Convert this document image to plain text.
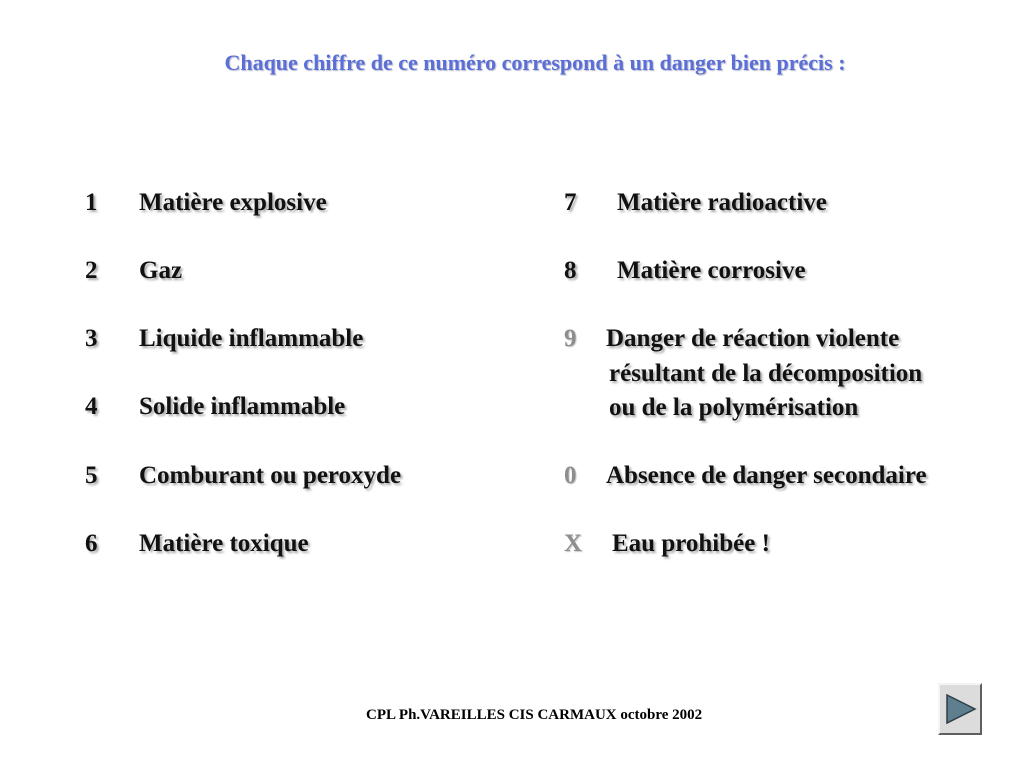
Chaque chiffre de ce numéro correspond à un danger bien précis :
1 Matière explosive
2 Gaz
3 Liquide inflammable
4 Solide inflammable
5 Comburant ou peroxyde
6 Matière toxique
7 Matière radioactive
8 Matière corrosive
9 Danger de réaction violente
résultant de la décomposition
ou de la polymérisation
0 Absence de danger secondaire
X Eau prohibée !
CPL Ph.VAREILLES CIS CARMAUX octobre 2002
